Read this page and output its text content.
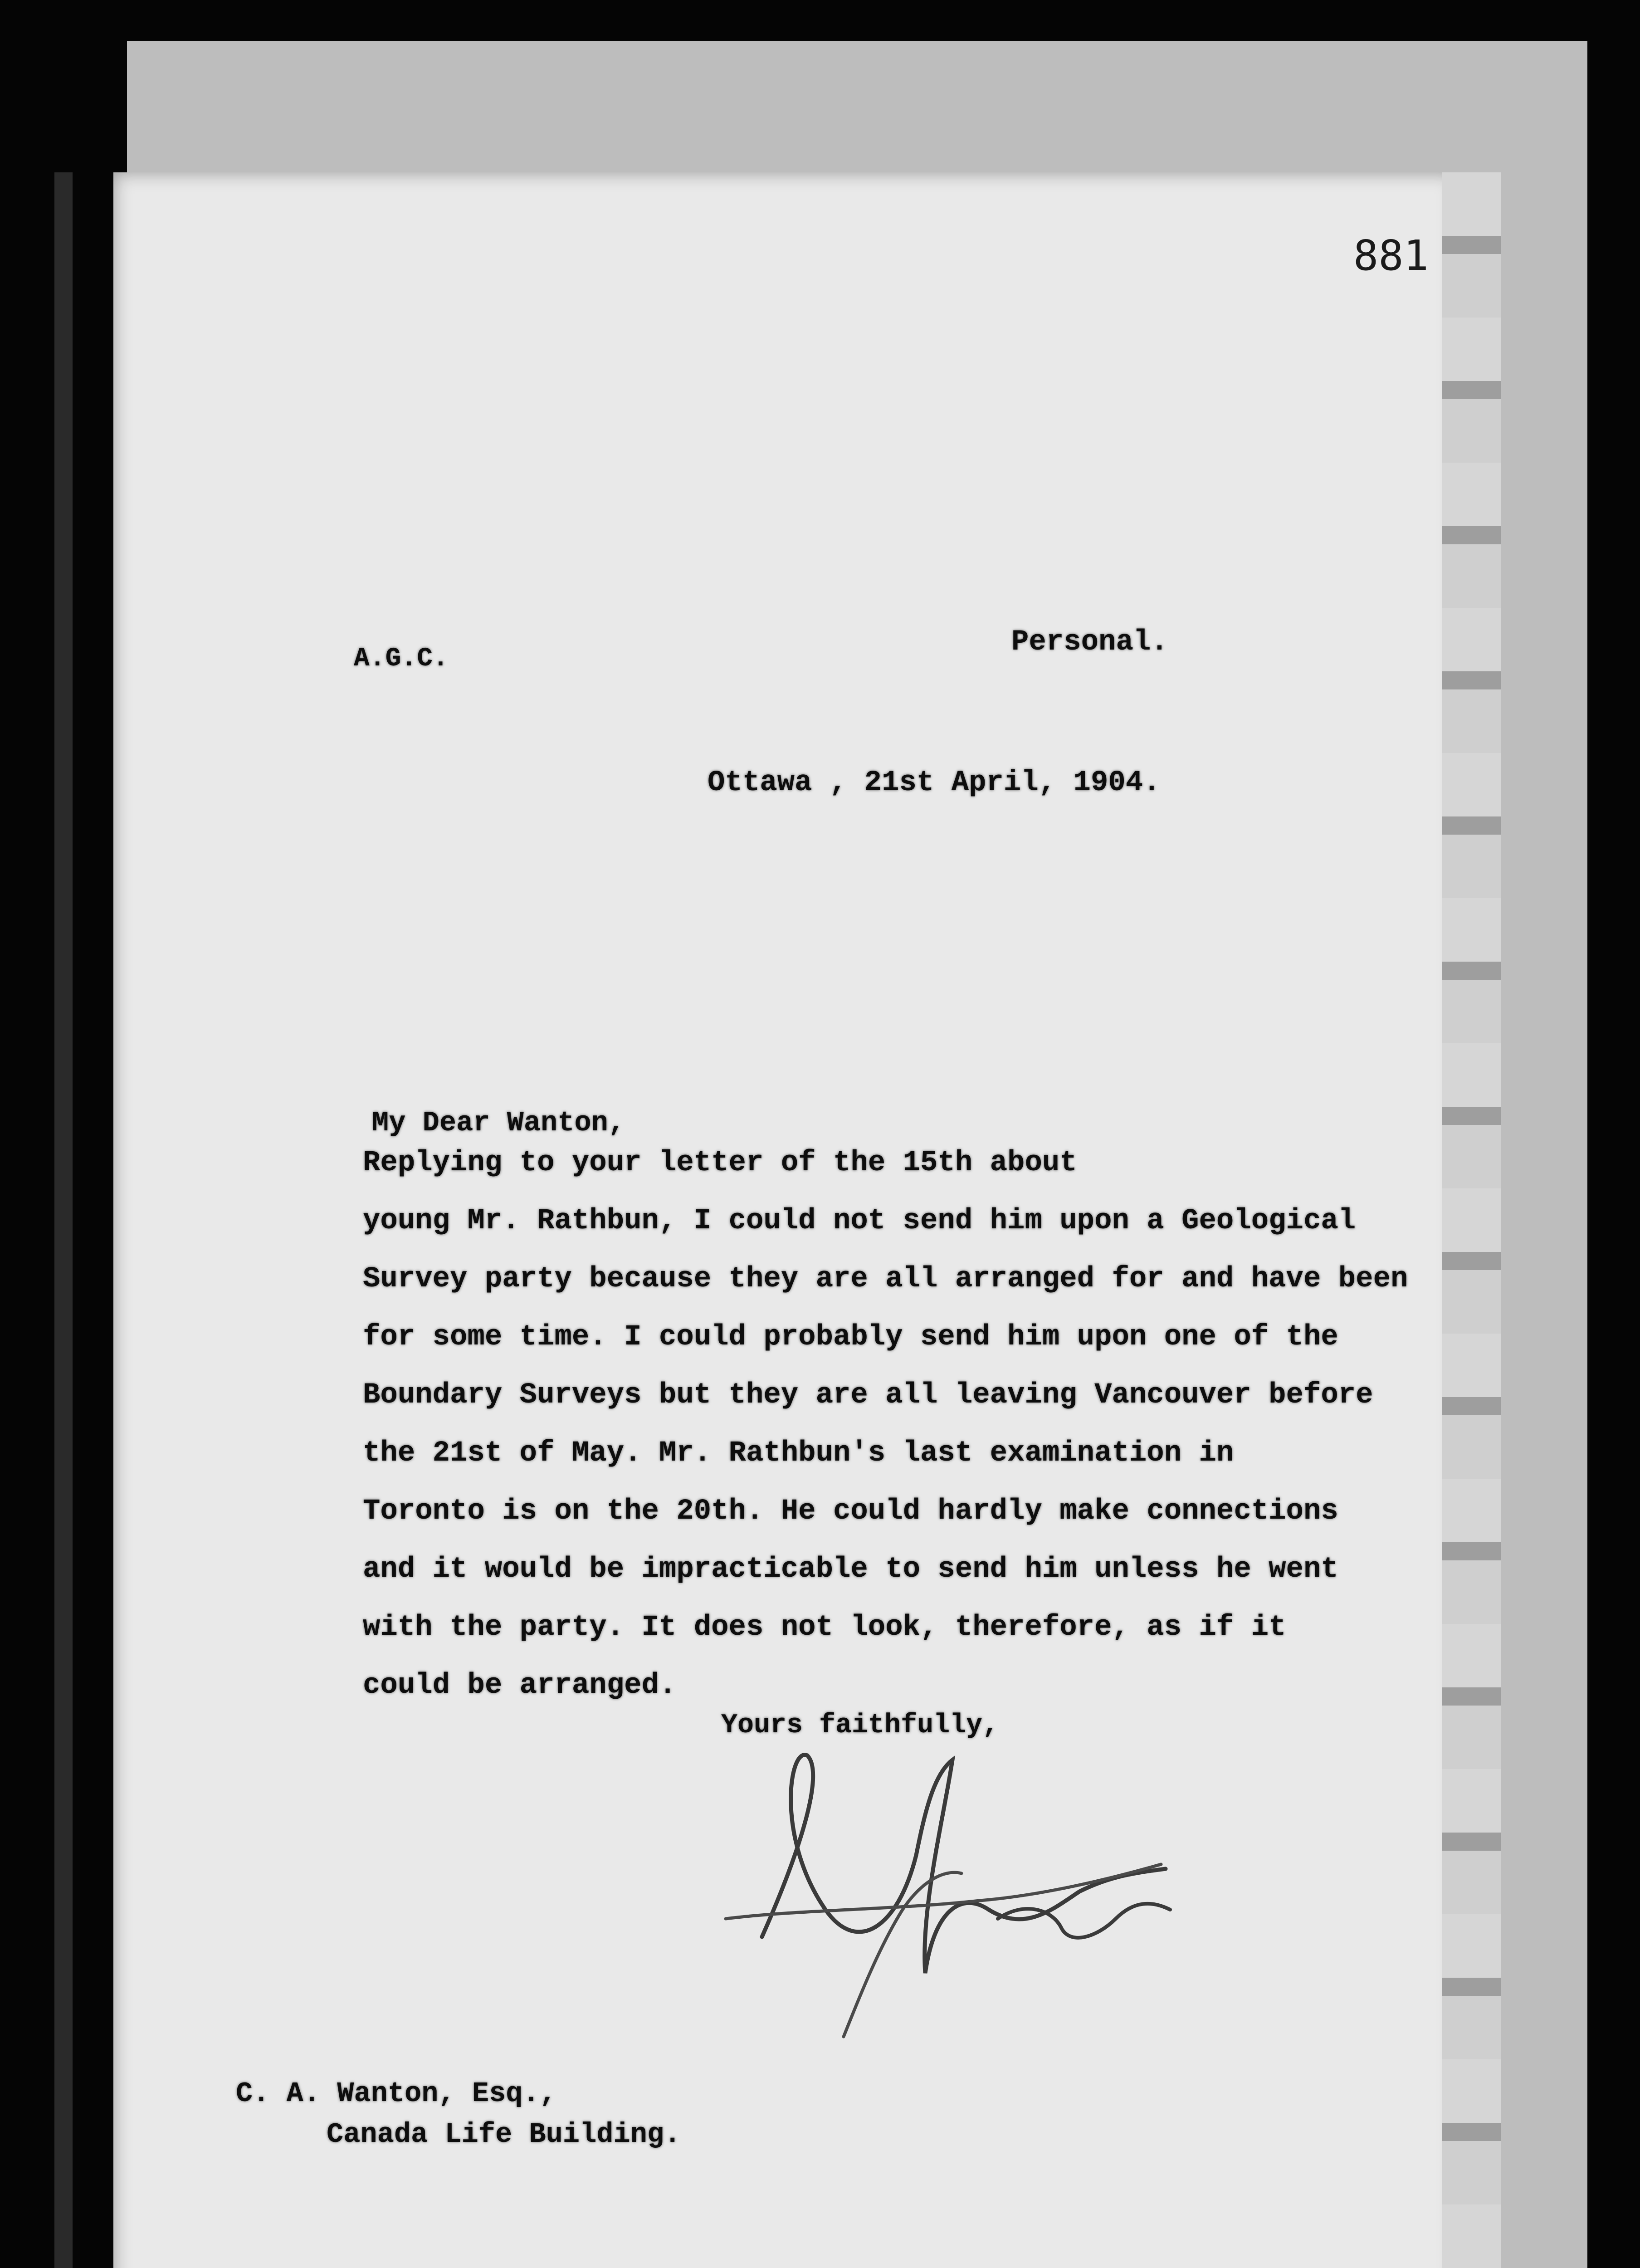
881
A.G.C.
Personal.
Ottawa , 21st April, 1904.
My Dear Wanton,
Replying to your letter of the 15th about
young Mr. Rathbun, I could not send him upon a Geological
Survey party because they are all arranged for and have been
for some time. I could probably send him upon one of the
Boundary Surveys but they are all leaving Vancouver before
the 21st of May. Mr. Rathbun's last examination in
Toronto is on the 20th. He could hardly make connections
and it would be impracticable to send him unless he went
with the party. It does not look, therefore, as if it
could be arranged.
Yours faithfully,
C. A. Wanton, Esq.,
Canada Life Building.
